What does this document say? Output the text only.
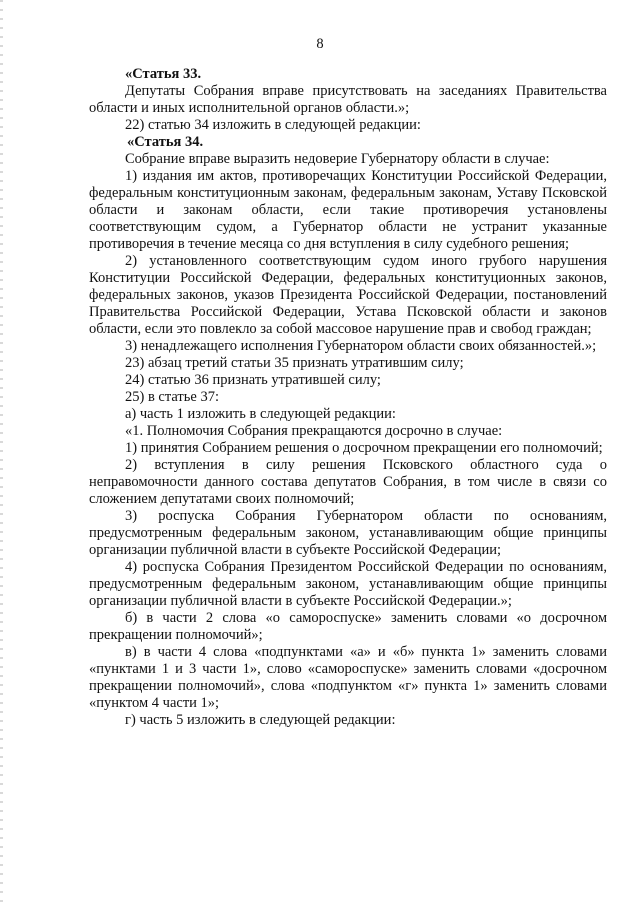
8

«Статья 33.

Депутаты Собрания вправе присутствовать на заседаниях Правительства области и иных исполнительной органов области.»;

22) статью 34 изложить в следующей редакции:

«Статья 34.

Собрание вправе выразить недоверие Губернатору области в случае:

1) издания им актов, противоречащих Конституции Российской Федерации, федеральным конституционным законам, федеральным законам, Уставу Псковской области и законам области, если такие противоречия установлены соответствующим судом, а Губернатор области не устранит указанные противоречия в течение месяца со дня вступления в силу судебного решения;

2) установленного соответствующим судом иного грубого нарушения Конституции Российской Федерации, федеральных конституционных законов, федеральных законов, указов Президента Российской Федерации, постановлений Правительства Российской Федерации, Устава Псковской области и законов области, если это повлекло за собой массовое нарушение прав и свобод граждан;

3) ненадлежащего исполнения Губернатором области своих обязанностей.»;

23) абзац третий статьи 35 признать утратившим силу;

24) статью 36 признать утратившей силу;

25) в статье 37:

а) часть 1 изложить в следующей редакции:

«1. Полномочия Собрания прекращаются досрочно в случае:

1) принятия Собранием решения о досрочном прекращении его полномочий;

2) вступления в силу решения Псковского областного суда о неправомочности данного состава депутатов Собрания, в том числе в связи со сложением депутатами своих полномочий;

3) роспуска Собрания Губернатором области по основаниям, предусмотренным федеральным законом, устанавливающим общие принципы организации публичной власти в субъекте Российской Федерации;

4) роспуска Собрания Президентом Российской Федерации по основаниям, предусмотренным федеральным законом, устанавливающим общие принципы организации публичной власти в субъекте Российской Федерации.»;

б) в части 2 слова «о самороспуске» заменить словами «о досрочном прекращении полномочий»;

в) в части 4 слова «подпунктами «а» и «б» пункта 1» заменить словами «пунктами 1 и 3 части 1», слово «самороспуске» заменить словами «досрочном прекращении полномочий», слова «подпунктом «г» пункта 1» заменить словами «пунктом 4 части 1»;

г) часть 5 изложить в следующей редакции:
